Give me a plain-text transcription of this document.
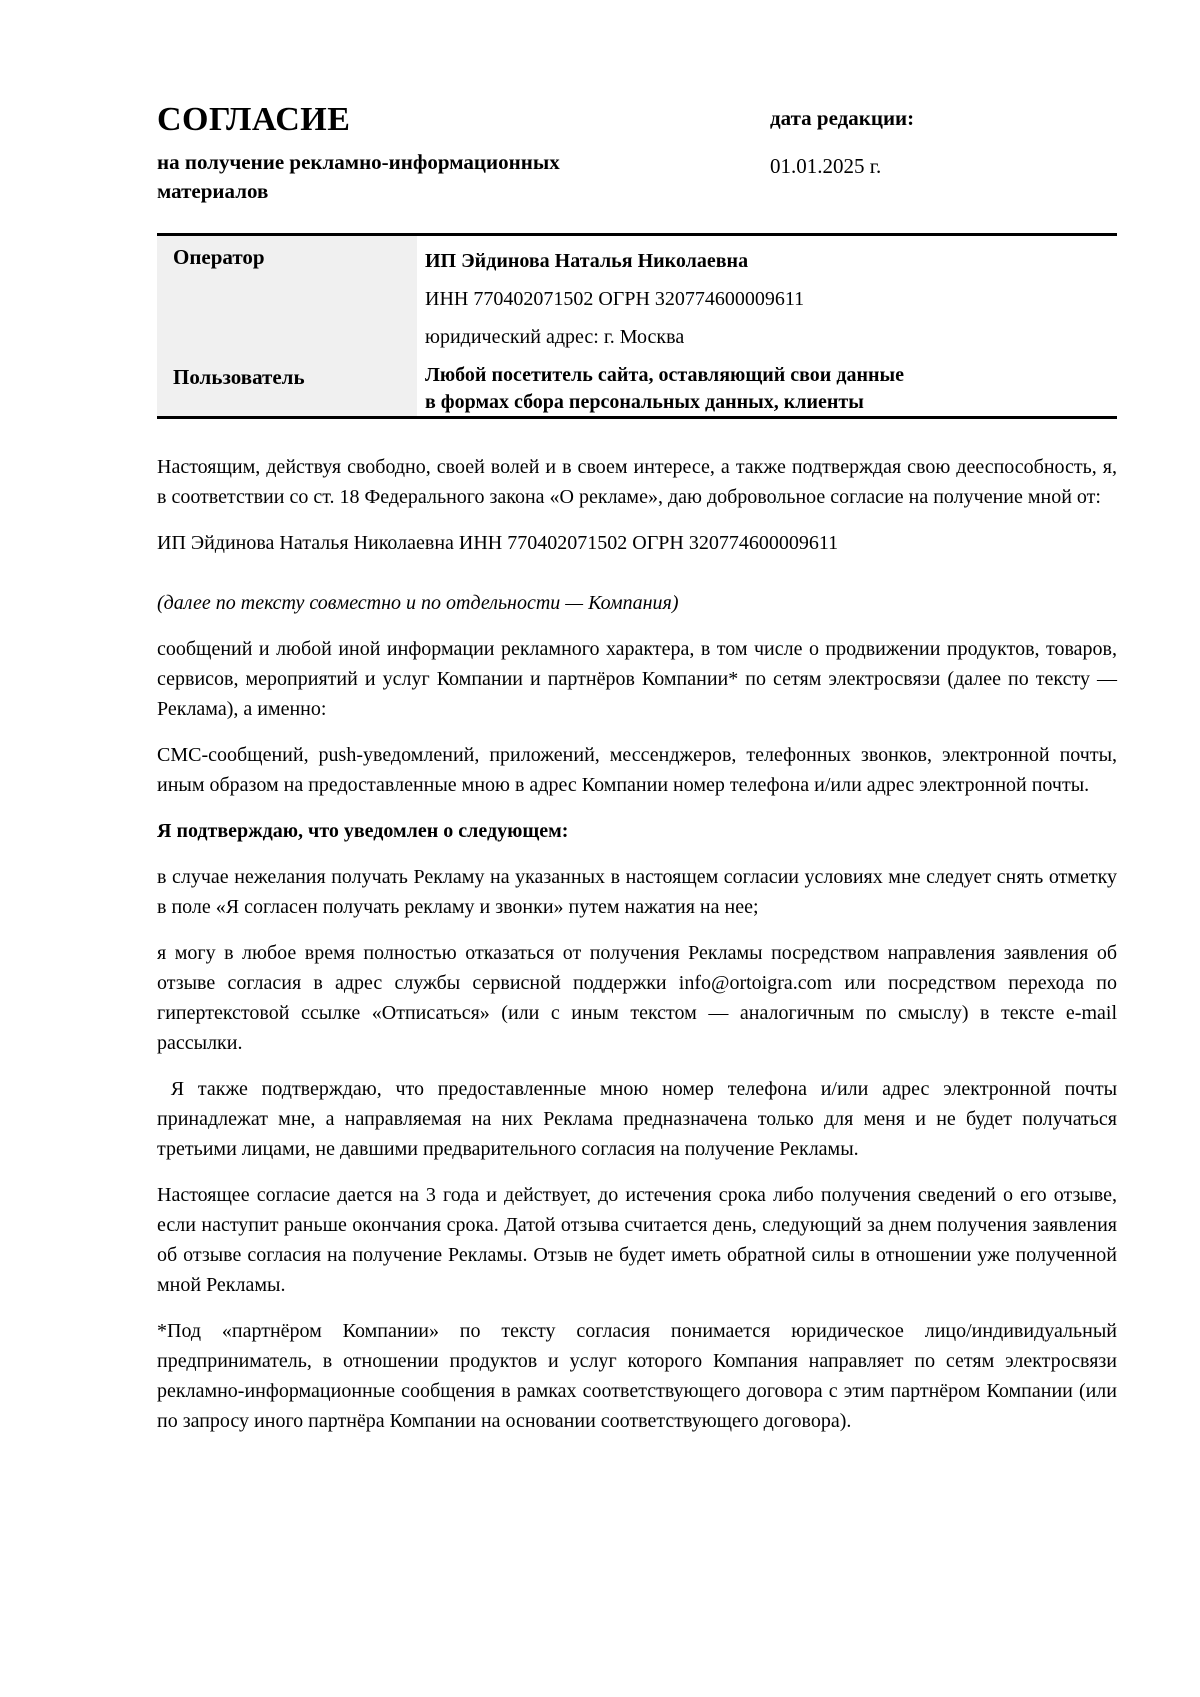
СОГЛАСИЕ
на получение рекламно-информационных материалов
дата редакции:
01.01.2025 г.
Оператор	ИП Эйдинова Наталья Николаевна
ИНН 770402071502 ОГРН 320774600009611
юридический адрес: г. Москва
Пользователь	Любой посетитель сайта, оставляющий свои данные
в формах сбора персональных данных, клиенты

Настоящим, действуя свободно, своей волей и в своем интересе, а также подтверждая свою дееспособность, я, в соответствии со ст. 18 Федерального закона «О рекламе», даю добровольное согласие на получение мной от:

ИП Эйдинова Наталья Николаевна ИНН 770402071502 ОГРН 320774600009611

(далее по тексту совместно и по отдельности — Компания)

сообщений и любой иной информации рекламного характера, в том числе о продвижении продуктов, товаров, сервисов, мероприятий и услуг Компании и партнёров Компании* по сетям электросвязи (далее по тексту — Реклама), а именно:

СМС-сообщений, push-уведомлений, приложений, мессенджеров, телефонных звонков, электронной почты, иным образом на предоставленные мною в адрес Компании номер телефона и/или адрес электронной почты.

Я подтверждаю, что уведомлен о следующем:

в случае нежелания получать Рекламу на указанных в настоящем согласии условиях мне следует снять отметку в поле «Я согласен получать рекламу и звонки» путем нажатия на нее;

я могу в любое время полностью отказаться от получения Рекламы посредством направления заявления об отзыве согласия в адрес службы сервисной поддержки info@ortoigra.com или посредством перехода по гипертекстовой ссылке «Отписаться» (или с иным текстом — аналогичным по смыслу) в тексте e-mail рассылки.

Я также подтверждаю, что предоставленные мною номер телефона и/или адрес электронной почты принадлежат мне, а направляемая на них Реклама предназначена только для меня и не будет получаться третьими лицами, не давшими предварительного согласия на получение Рекламы.

Настоящее согласие дается на 3 года и действует, до истечения срока либо получения сведений о его отзыве, если наступит раньше окончания срока. Датой отзыва считается день, следующий за днем получения заявления об отзыве согласия на получение Рекламы. Отзыв не будет иметь обратной силы в отношении уже полученной мной Рекламы.

*Под «партнёром Компании» по тексту согласия понимается юридическое лицо/индивидуальный предприниматель, в отношении продуктов и услуг которого Компания направляет по сетям электросвязи рекламно-информационные сообщения в рамках соответствующего договора с этим партнёром Компании (или по запросу иного партнёра Компании на основании соответствующего договора).
